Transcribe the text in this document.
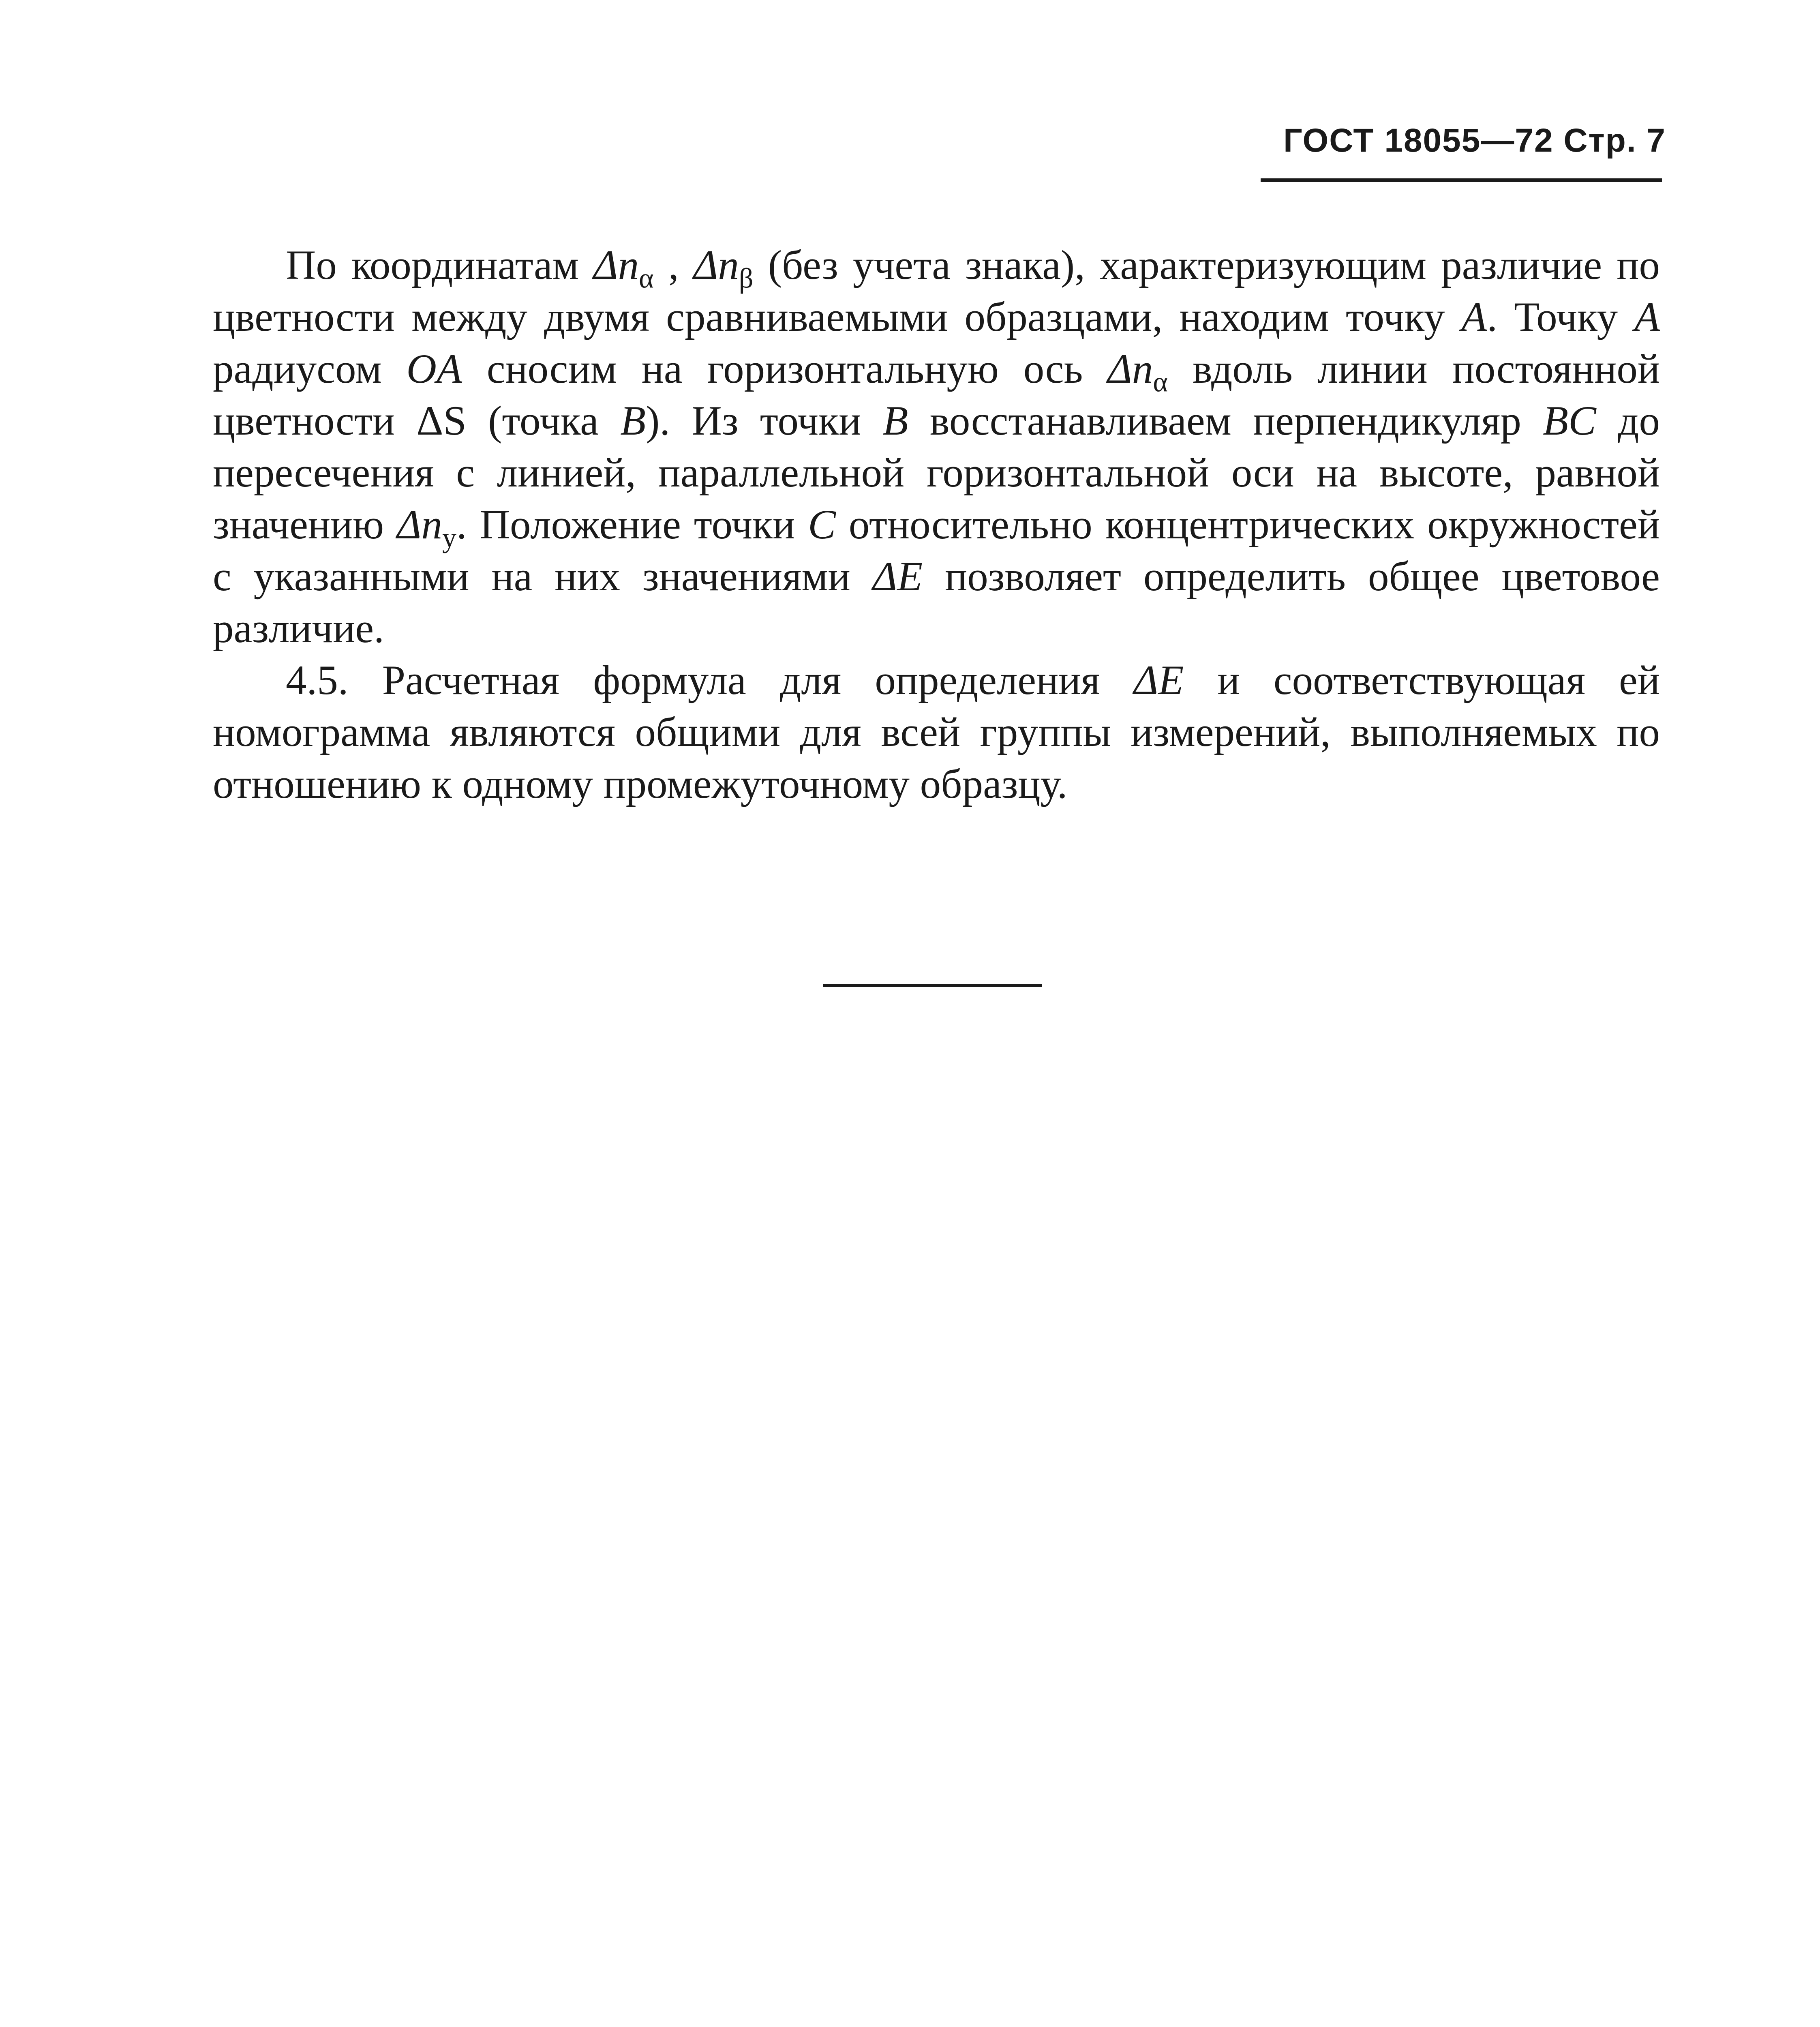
ГОСТ 18055—72 Стр. 7

По координатам $\Delta n_\alpha$ , $\Delta n_\beta$ (без учета знака), характеризующим различие по цветности между двумя сравниваемыми образцами, находим точку A. Точку A радиусом OA сносим на горизонтальную ось $\Delta n_\alpha$ вдоль линии постоянной цветности ΔS (точка B). Из точки B восстанавливаем перпендикуляр BC до пересечения с линией, параллельной горизонтальной оси на высоте, равной значению $\Delta n_y$. Положение точки C относительно концентрических окружностей с указанными на них значениями ΔE позволяет определить общее цветовое различие.

4.5. Расчетная формула для определения ΔE и соответствующая ей номограмма являются общими для всей группы измерений, выполняемых по отношению к одному промежуточному образцу.
